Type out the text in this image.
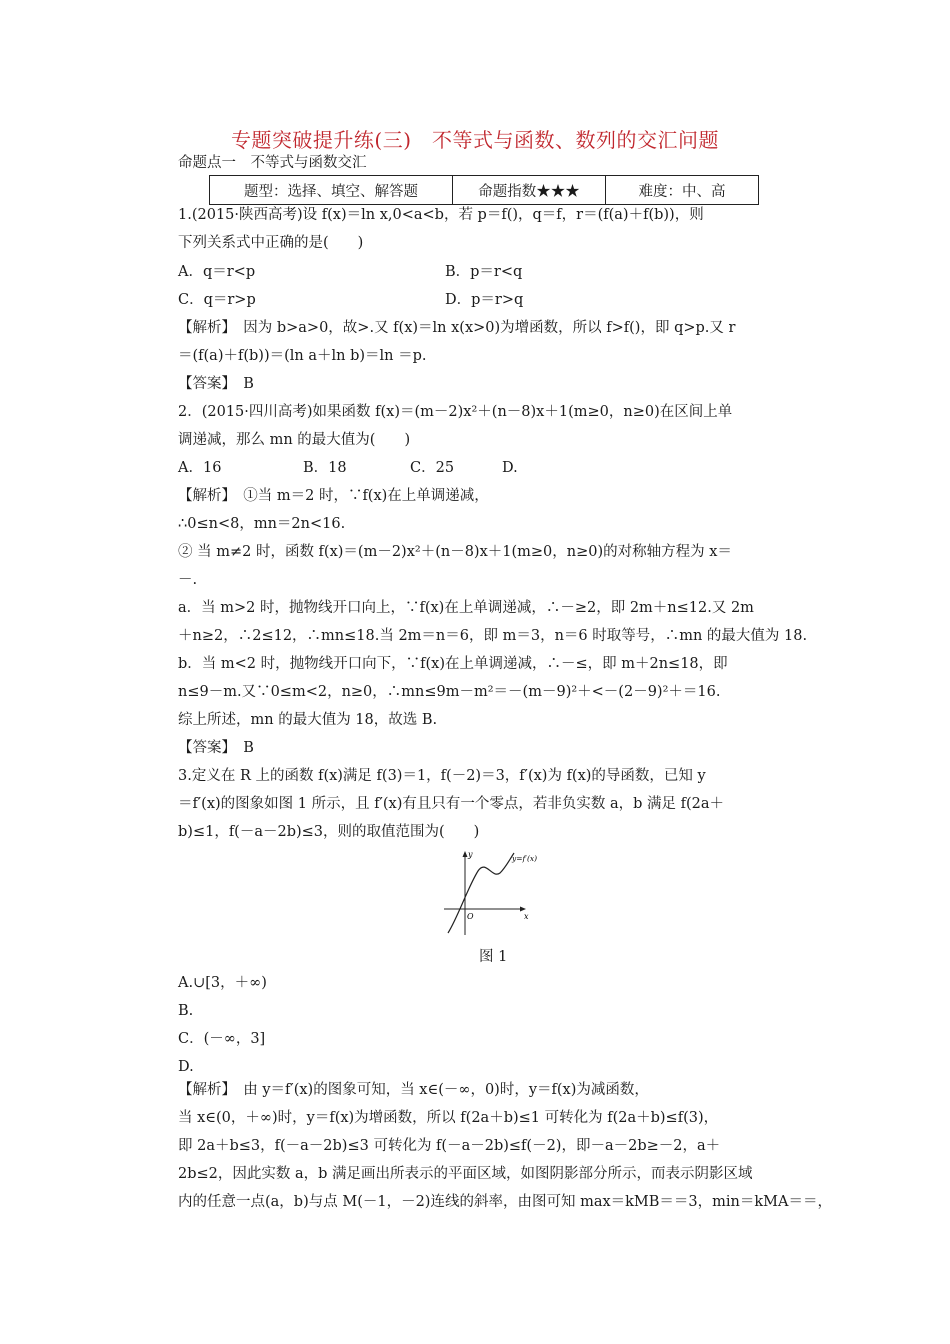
专题突破提升练(三)　不等式与函数、数列的交汇问题
命题点一　不等式与函数交汇
题型：选择、填空、解答题	命题指数★★★	难度：中、高
1.(2015·陕西高考)设 f(x)＝ln x,0<a<b，若 p＝f()，q＝f，r＝(f(a)＋f(b))，则
下列关系式中正确的是(　　)
A．q＝r<p	B．p＝r<q
C．q＝r>p	D．p＝r>q
【解析】　因为 b>a>0，故>.又 f(x)＝ln x(x>0)为增函数，所以 f>f()，即 q>p.又 r
＝(f(a)＋f(b))＝(ln a＋ln b)＝ln ＝p.
【答案】　B
2．(2015·四川高考)如果函数 f(x)＝(m－2)x²＋(n－8)x＋1(m≥0，n≥0)在区间上单
调递减，那么 mn 的最大值为(　　)
A．16	B．18	C．25	D.
【解析】　①当 m＝2 时，∵f(x)在上单调递减，
∴0≤n<8，mn＝2n<16.
② 当 m≠2 时，函数 f(x)＝(m－2)x²＋(n－8)x＋1(m≥0，n≥0)的对称轴方程为 x＝
－.
a．当 m>2 时，抛物线开口向上，∵f(x)在上单调递减，∴－≥2，即 2m＋n≤12.又 2m
＋n≥2，∴2≤12，∴mn≤18.当 2m＝n＝6，即 m＝3，n＝6 时取等号，∴mn 的最大值为 18.
b．当 m<2 时，抛物线开口向下，∵f(x)在上单调递减，∴－≤，即 m＋2n≤18，即
n≤9－m.又∵0≤m<2，n≥0，∴mn≤9m－m²＝－(m－9)²＋<－(2－9)²＋＝16.
综上所述，mn 的最大值为 18，故选 B.
【答案】　B
3.定义在 R 上的函数 f(x)满足 f(3)＝1，f(－2)＝3，f′(x)为 f(x)的导函数，已知 y
＝f′(x)的图象如图 1 所示，且 f′(x)有且只有一个零点，若非负实数 a，b 满足 f(2a＋
b)≤1，f(－a－2b)≤3，则的取值范围为(　　)
y
x
O
y=f′(x)
图 1
A.∪[3，＋∞)
B.
C．(－∞，3]
D.
【解析】　由 y＝f′(x)的图象可知，当 x∈(－∞，0)时，y＝f(x)为减函数，
当 x∈(0，＋∞)时，y＝f(x)为增函数，所以 f(2a＋b)≤1 可转化为 f(2a＋b)≤f(3)，
即 2a＋b≤3，f(－a－2b)≤3 可转化为 f(－a－2b)≤f(－2)，即－a－2b≥－2，a＋
2b≤2，因此实数 a，b 满足画出所表示的平面区域，如图阴影部分所示，而表示阴影区域
内的任意一点(a，b)与点 M(－1，－2)连线的斜率，由图可知 max＝kMB＝＝3，min＝kMA＝＝，
